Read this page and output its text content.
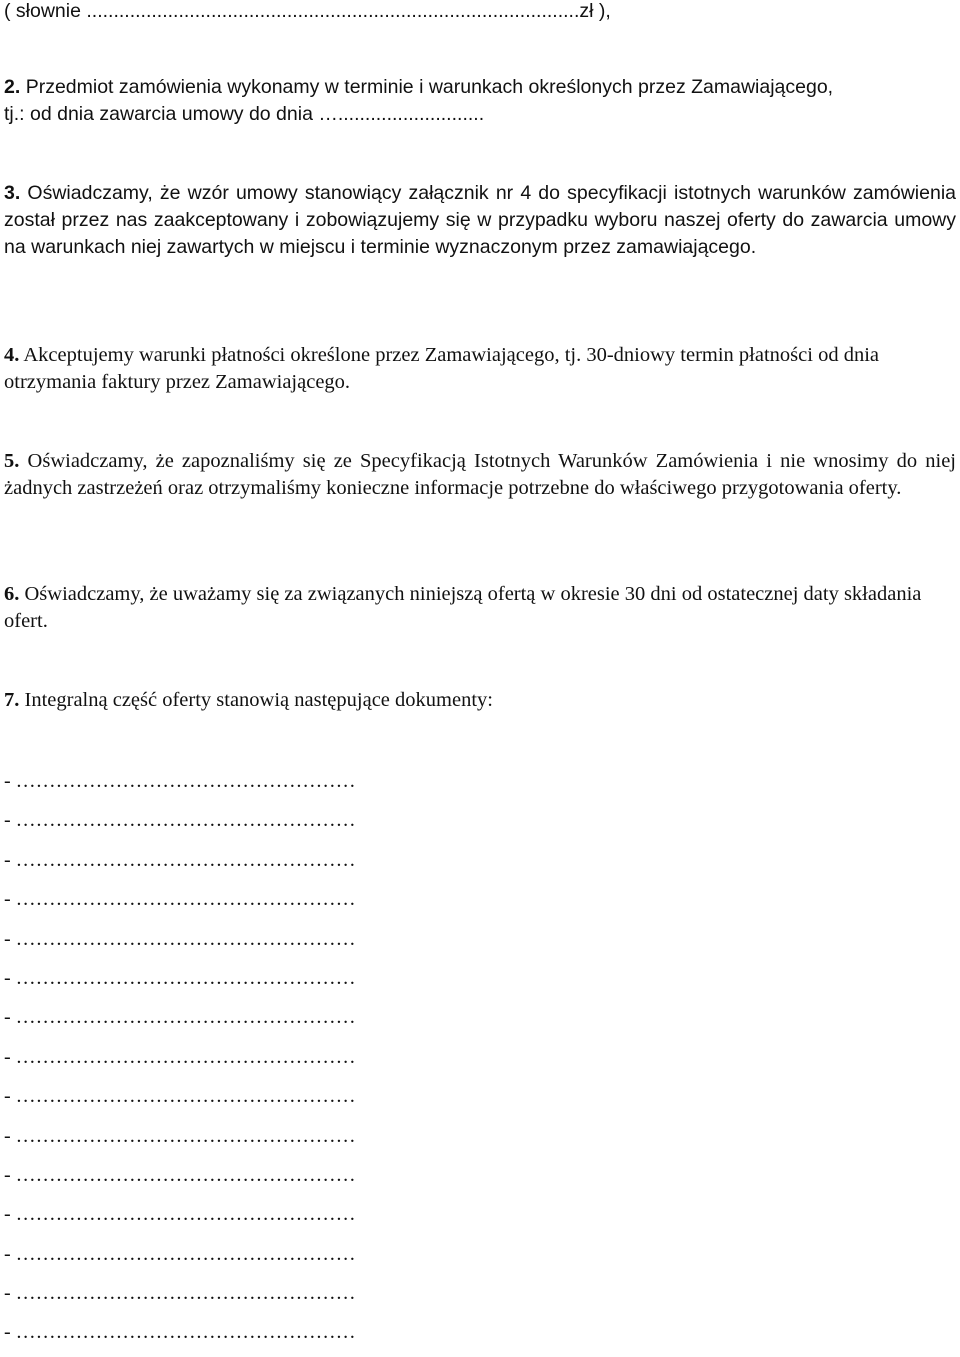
( słownie ...........................................................................................zł ),
2. Przedmiot zamówienia wykonamy w terminie i warunkach określonych przez Zamawiającego,
tj.: od dnia zawarcia umowy do dnia …...........................
3. Oświadczamy, że wzór umowy stanowiący załącznik nr 4 do specyfikacji istotnych warunków zamówienia został przez nas zaakceptowany i zobowiązujemy się w przypadku wyboru naszej oferty do zawarcia umowy na warunkach niej zawartych w miejscu i terminie wyznaczonym przez zamawiającego.
4. Akceptujemy warunki płatności określone przez Zamawiającego, tj. 30-dniowy termin płatności od dnia otrzymania faktury przez Zamawiającego.
5. Oświadczamy, że zapoznaliśmy się ze Specyfikacją Istotnych Warunków Zamówienia i nie wnosimy do niej żadnych zastrzeżeń oraz otrzymaliśmy konieczne informacje potrzebne do właściwego przygotowania oferty.
6. Oświadczamy, że uważamy się za związanych niniejszą ofertą w okresie 30 dni od ostatecznej daty składania ofert.
7. Integralną część oferty stanowią następujące dokumenty:
- ……………………………………………
- ……………………………………………
- ……………………………………………
- ……………………………………………
- ……………………………………………
- ……………………………………………
- ……………………………………………
- ……………………………………………
- ……………………………………………
- ……………………………………………
- ……………………………………………
- ……………………………………………
- ……………………………………………
- ……………………………………………
- ……………………………………………
